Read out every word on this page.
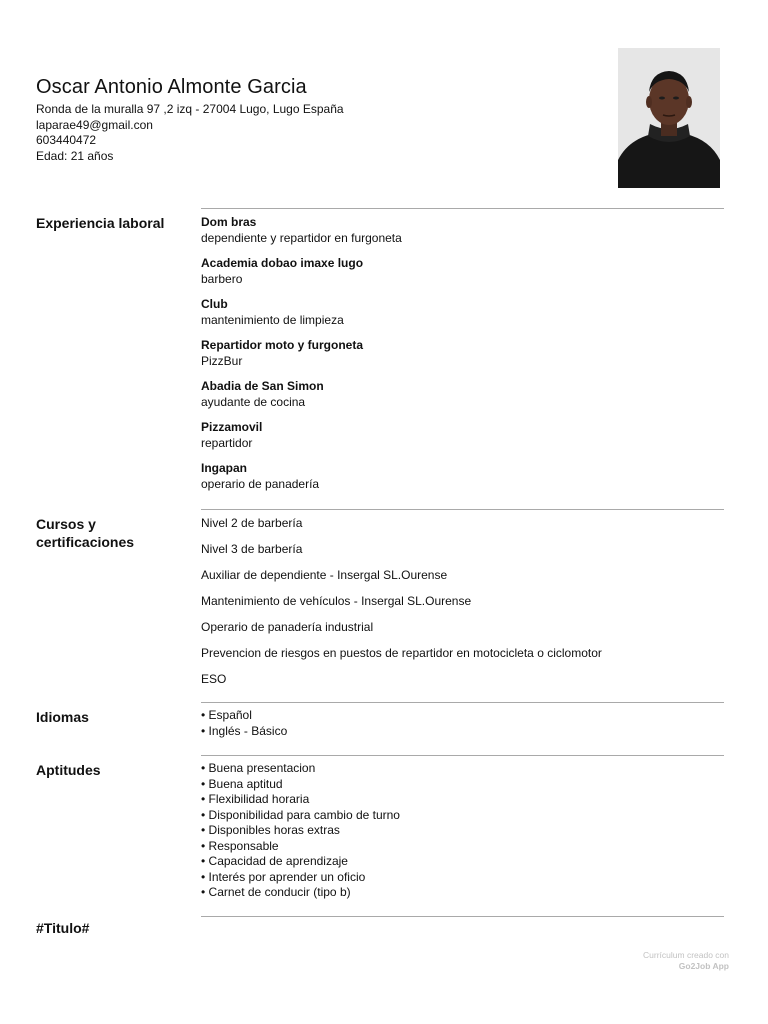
Oscar Antonio Almonte Garcia
Ronda de la muralla 97 ,2 izq - 27004 Lugo, Lugo España
laparae49@gmail.con
603440472
Edad: 21 años
Experiencia laboral	Dom bras
dependiente y repartidor en furgoneta
Academia dobao imaxe lugo
barbero
Club
mantenimiento de limpieza
Repartidor moto y furgoneta
PizzBur
Abadia de San Simon
ayudante de cocina
Pizzamovil
repartidor
Ingapan
operario de panadería
Cursos y certificaciones
Nivel 2 de barbería
Nivel 3 de barbería
Auxiliar de dependiente - Insergal SL.Ourense
Mantenimiento de vehículos - Insergal SL.Ourense
Operario de panadería industrial
Prevencion de riesgos en puestos de repartidor en motocicleta o ciclomotor
ESO
Idiomas	• Español
• Inglés - Básico
Aptitudes	• Buena presentacion
• Buena aptitud
• Flexibilidad horaria
• Disponibilidad para cambio de turno
• Disponibles horas extras
• Responsable
• Capacidad de aprendizaje
• Interés por aprender un oficio
• Carnet de conducir (tipo b)
#Titulo#
Currículum creado con
Go2Job App
